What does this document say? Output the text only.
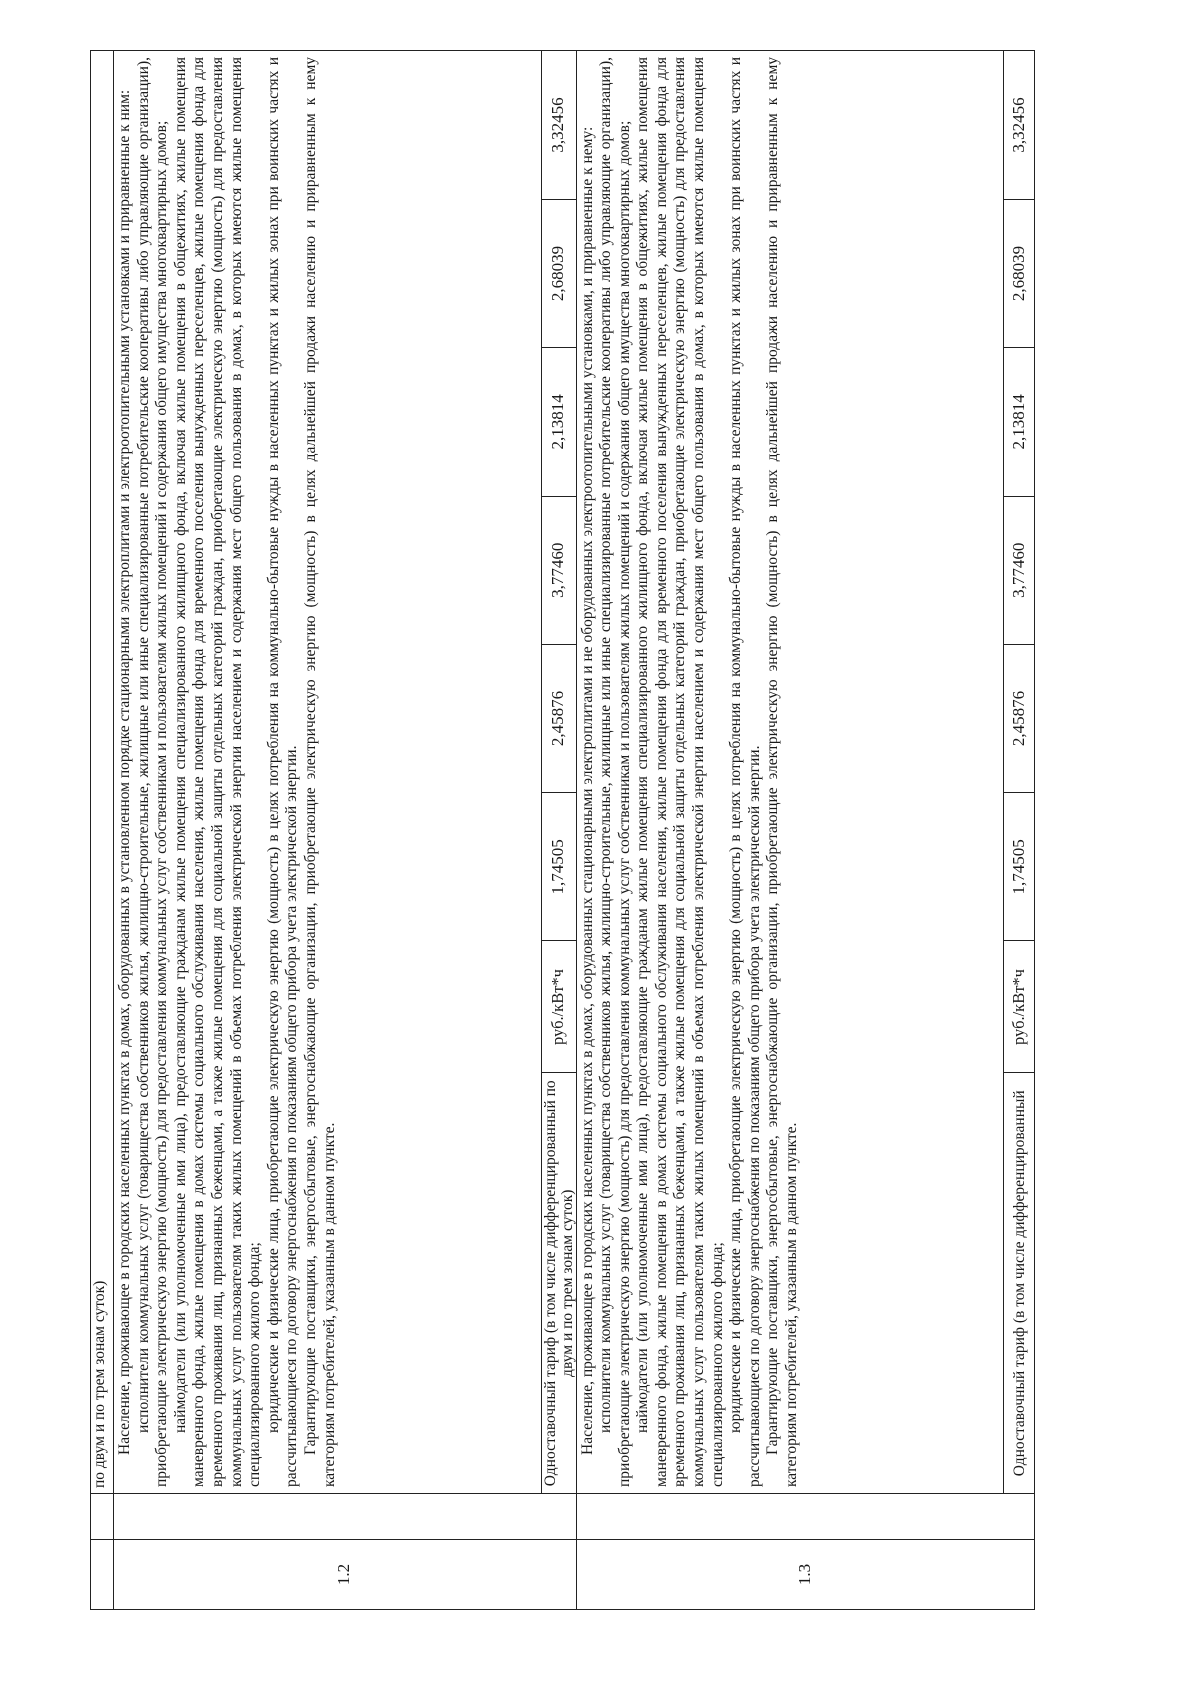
		по двум и по трем зонам суток)
1.2		

Население, проживающее в городских населенных пунктах в домах, оборудованных в установленном порядке стационарными электроплитами и электроотопительными установками и приравненные к ним: исполнители коммунальных услуг (товарищества собственников жилья, жилищно-строительные, жилищные или иные специализированные потребительские кооперативы либо управляющие организации), приобретающие электрическую энергию (мощность) для предоставления коммунальных услуг собственникам и пользователям жилых помещений и содержания общего имущества многоквартирных домов; наймодатели (или уполномоченные ими лица), предоставляющие гражданам жилые помещения специализированного жилищного фонда, включая жилые помещения в общежитиях, жилые помещения маневренного фонда, жилые помещения в домах системы социального обслуживания населения, жилые помещения фонда для временного поселения вынужденных переселенцев, жилые помещения фонда для временного проживания лиц, признанных беженцами, а также жилые помещения для социальной защиты отдельных категорий граждан, приобретающие электрическую энергию (мощность) для предоставления коммунальных услуг пользователям таких жилых помещений в объемах потребления электрической энергии населением и содержания мест общего пользования в домах, в которых имеются жилые помещения специализированного жилого фонда; юридические и физические лица, приобретающие электрическую энергию (мощность) в целях потребления на коммунально-бытовые нужды в населенных пунктах и жилых зонах при воинских частях и рассчитывающиеся по договору энергоснабжения по показаниям общего прибора учета электрической энергии. Гарантирующие поставщики, энергосбытовые, энергоснабжающие организации, приобретающие электрическую энергию (мощность) в целях дальнейшей продажи населению и приравненным к нему категориям потребителей, указанным в данном пункте.	Одноставочный тариф (в том числе дифференцированный по двум и по трем зонам суток)	руб./кВт*ч	1,74505	2,45876	3,77460	2,13814	2,68039	3,32456

1.3		

Население, проживающее в городских населенных пунктах в домах, оборудованных стационарными электроплитами и не оборудованных электроотопительными установками, и приравненные к нему: исполнители коммунальных услуг (товарищества собственников жилья, жилищно-строительные, жилищные или иные специализированные потребительские кооперативы либо управляющие организации), приобретающие электрическую энергию (мощность) для предоставления коммунальных услуг собственникам и пользователям жилых помещений и содержания общего имущества многоквартирных домов; наймодатели (или уполномоченные ими лица), предоставляющие гражданам жилые помещения специализированного жилищного фонда, включая жилые помещения в общежитиях, жилые помещения маневренного фонда, жилые помещения в домах системы социального обслуживания населения, жилые помещения фонда для временного поселения вынужденных переселенцев, жилые помещения фонда для временного проживания лиц, признанных беженцами, а также жилые помещения для социальной защиты отдельных категорий граждан, приобретающие электрическую энергию (мощность) для предоставления коммунальных услуг пользователям таких жилых помещений в объемах потребления электрической энергии населением и содержания мест общего пользования в домах, в которых имеются жилые помещения специализированного жилого фонда; юридические и физические лица, приобретающие электрическую энергию (мощность) в целях потребления на коммунально-бытовые нужды в населенных пунктах и жилых зонах при воинских частях и рассчитывающиеся по договору энергоснабжения по показаниям общего прибора учета электрической энергии. Гарантирующие поставщики, энергосбытовые, энергоснабжающие организации, приобретающие электрическую энергию (мощность) в целях дальнейшей продажи населению и приравненным к нему категориям потребителей, указанным в данном пункте.	Одноставочный тариф (в том числе дифференцированный	руб./кВт*ч	1,74505	2,45876	3,77460	2,13814	2,68039	3,32456
